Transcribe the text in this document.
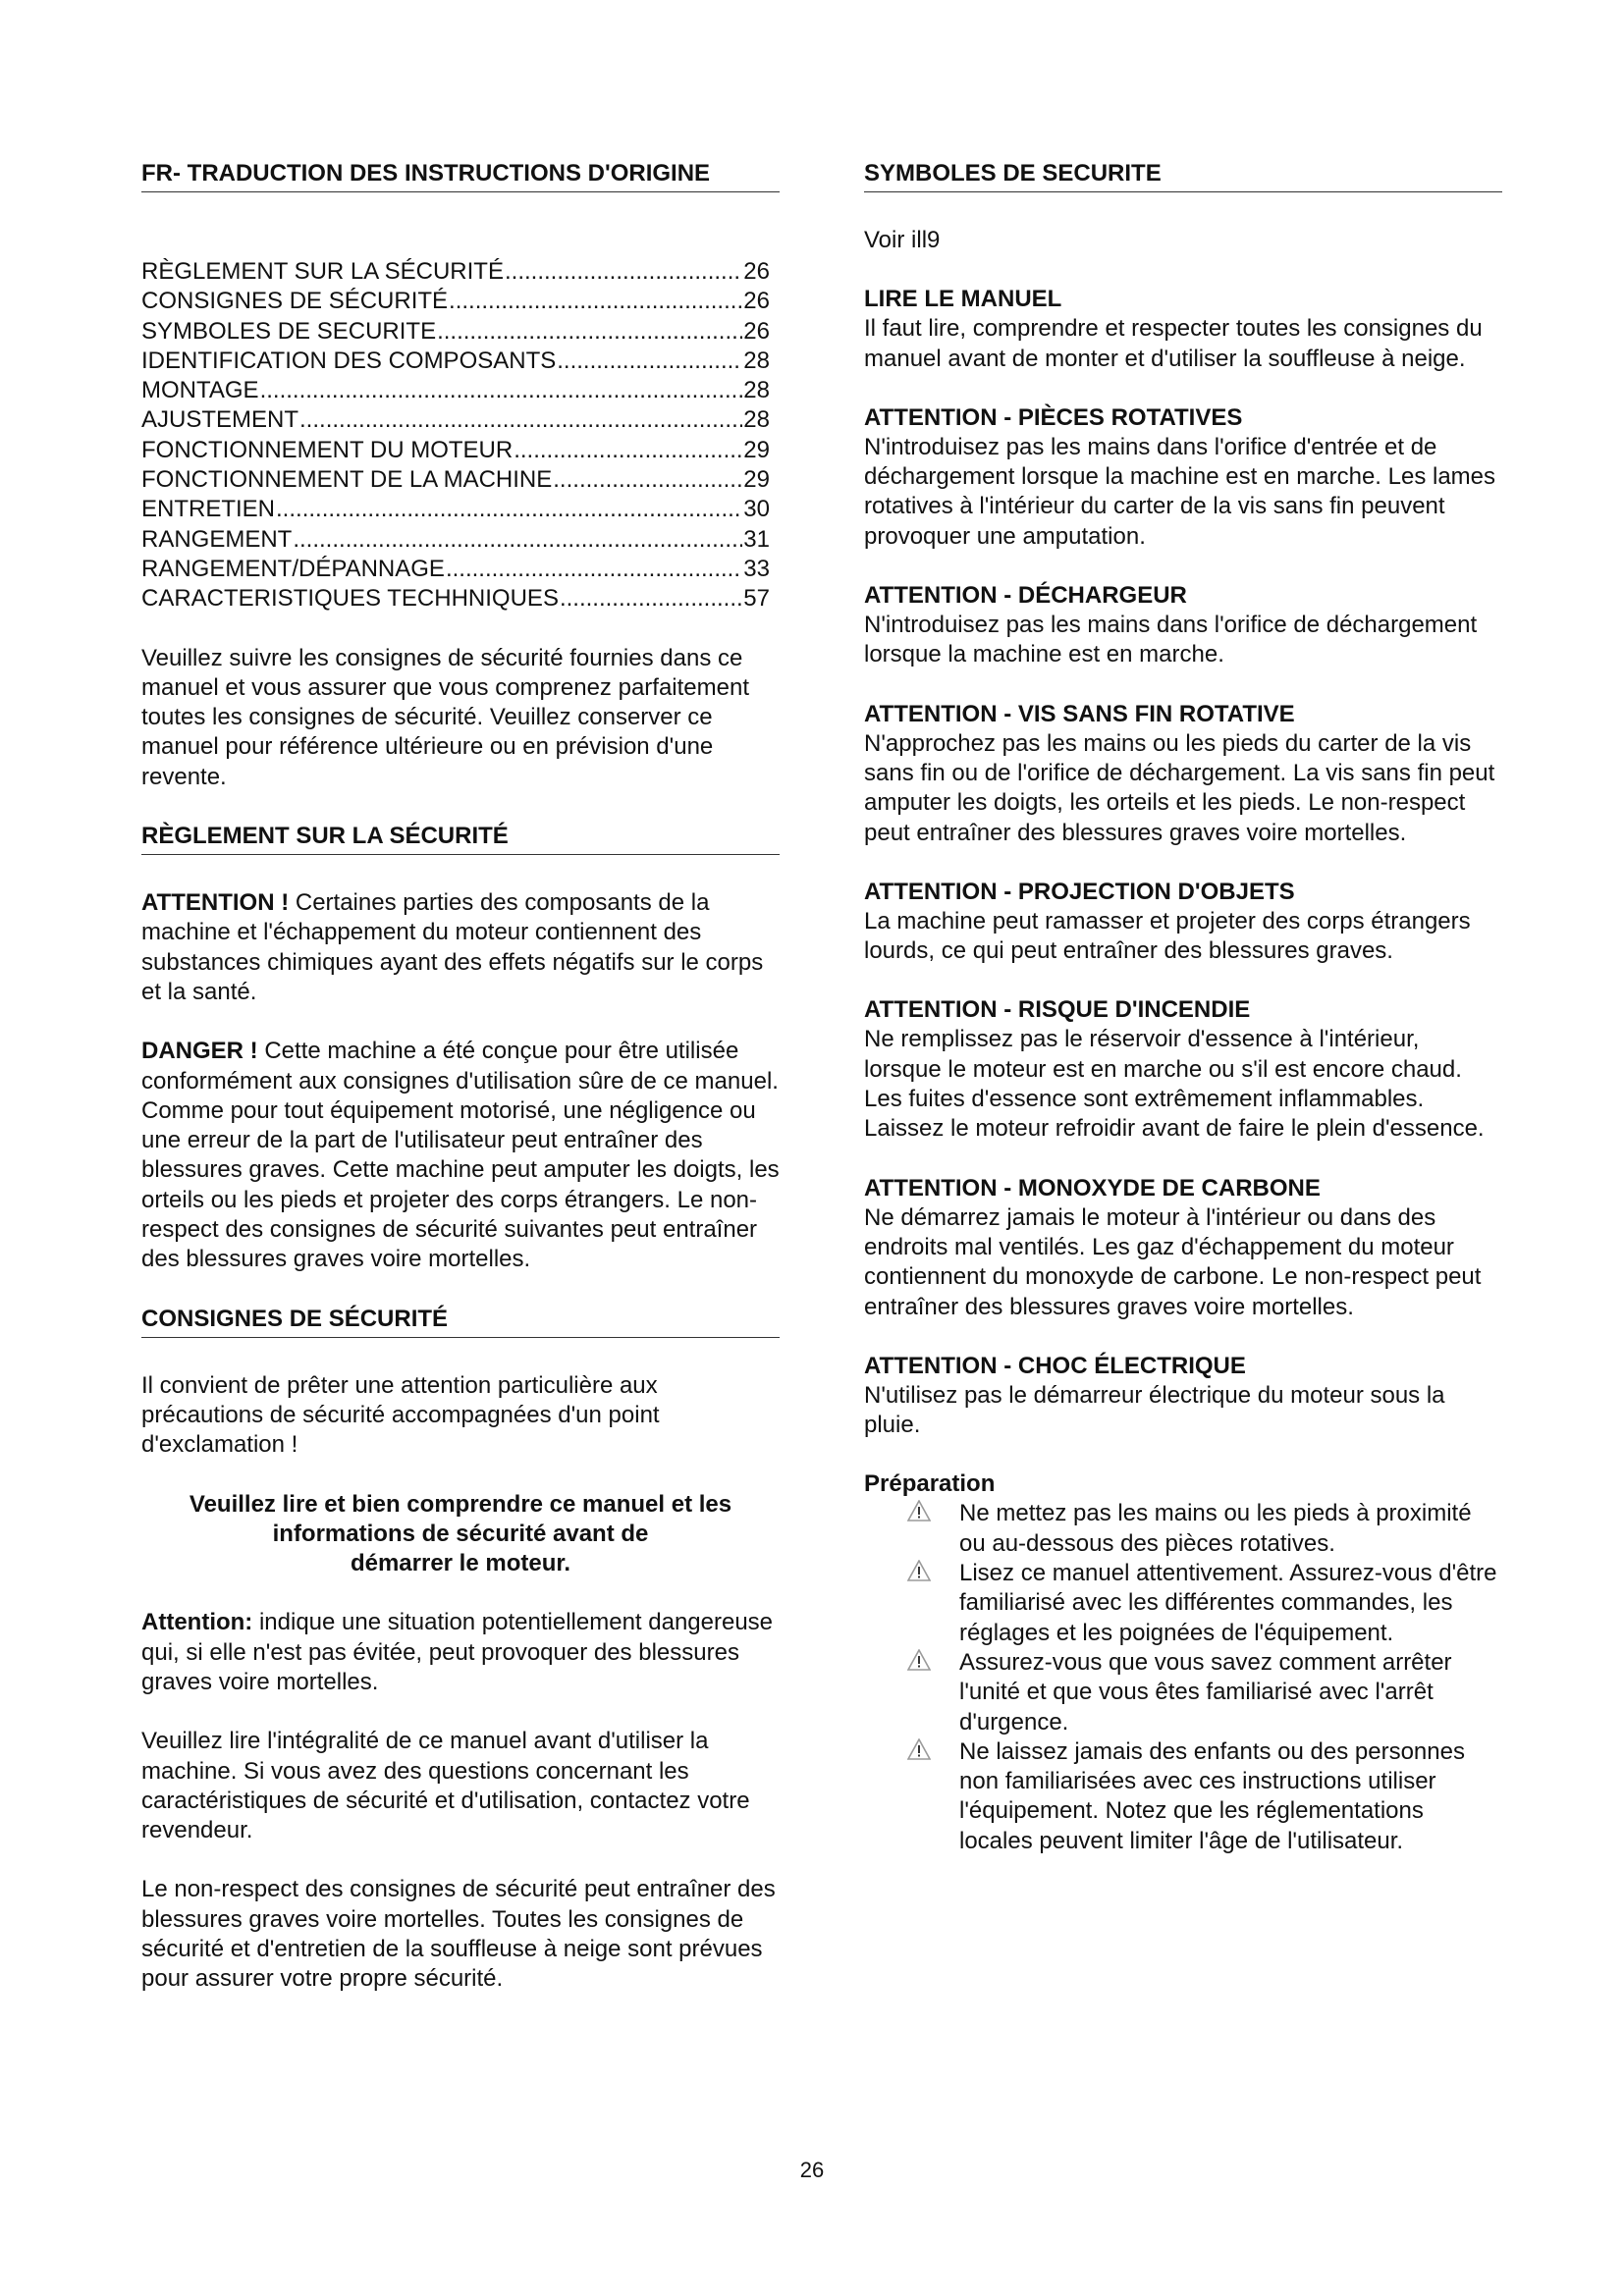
FR- TRADUCTION DES INSTRUCTIONS D'ORIGINE
RÈGLEMENT SUR LA SÉCURITÉ .....	26
CONSIGNES DE SÉCURITÉ .....	26
SYMBOLES DE SECURITE .....	26
IDENTIFICATION DES COMPOSANTS .....	28
MONTAGE .....	28
AJUSTEMENT .....	28
FONCTIONNEMENT DU MOTEUR .....	29
FONCTIONNEMENT DE LA MACHINE .....	29
ENTRETIEN .....	30
RANGEMENT .....	31
RANGEMENT/DÉPANNAGE .....	33
CARACTERISTIQUES TECHHNIQUES .....	57

Veuillez suivre les consignes de sécurité fournies dans ce manuel et vous assurer que vous comprenez parfaitement toutes les consignes de sécurité. Veuillez conserver ce manuel pour référence ultérieure ou en prévision d'une revente.

RÈGLEMENT SUR LA SÉCURITÉ

ATTENTION ! Certaines parties des composants de la machine et l'échappement du moteur contiennent des substances chimiques ayant des effets négatifs sur le corps et la santé.

DANGER ! Cette machine a été conçue pour être utilisée conformément aux consignes d'utilisation sûre de ce manuel. Comme pour tout équipement motorisé, une négligence ou une erreur de la part de l'utilisateur peut entraîner des blessures graves. Cette machine peut amputer les doigts, les orteils ou les pieds et projeter des corps étrangers. Le non-respect des consignes de sécurité suivantes peut entraîner des blessures graves voire mortelles.

CONSIGNES DE SÉCURITÉ

Il convient de prêter une attention particulière aux précautions de sécurité accompagnées d'un point d'exclamation !

Veuillez lire et bien comprendre ce manuel et les
informations de sécurité avant de
démarrer le moteur.

Attention: indique une situation potentiellement dangereuse qui, si elle n'est pas évitée, peut provoquer des blessures graves voire mortelles.

Veuillez lire l'intégralité de ce manuel avant d'utiliser la machine. Si vous avez des questions concernant les caractéristiques de sécurité et d'utilisation, contactez votre revendeur.

Le non-respect des consignes de sécurité peut entraîner des blessures graves voire mortelles. Toutes les consignes de sécurité et d'entretien de la souffleuse à neige sont prévues pour assurer votre propre sécurité.

SYMBOLES DE SECURITE

Voir ill9

LIRE LE MANUEL

Il faut lire, comprendre et respecter toutes les consignes du manuel avant de monter et d'utiliser la souffleuse à neige.

ATTENTION - PIÈCES ROTATIVES

N'introduisez pas les mains dans l'orifice d'entrée et de déchargement lorsque la machine est en marche. Les lames rotatives à l'intérieur du carter de la vis sans fin peuvent provoquer une amputation.

ATTENTION - DÉCHARGEUR

N'introduisez pas les mains dans l'orifice de déchargement lorsque la machine est en marche.

ATTENTION - VIS SANS FIN ROTATIVE

N'approchez pas les mains ou les pieds du carter de la vis sans fin ou de l'orifice de déchargement. La vis sans fin peut amputer les doigts, les orteils et les pieds. Le non-respect peut entraîner des blessures graves voire mortelles.

ATTENTION - PROJECTION D'OBJETS

La machine peut ramasser et projeter des corps étrangers lourds, ce qui peut entraîner des blessures graves.

ATTENTION - RISQUE D'INCENDIE

Ne remplissez pas le réservoir d'essence à l'intérieur, lorsque le moteur est en marche ou s'il est encore chaud. Les fuites d'essence sont extrêmement inflammables. Laissez le moteur refroidir avant de faire le plein d'essence.

ATTENTION - MONOXYDE DE CARBONE

Ne démarrez jamais le moteur à l'intérieur ou dans des endroits mal ventilés. Les gaz d'échappement du moteur contiennent du monoxyde de carbone. Le non-respect peut entraîner des blessures graves voire mortelles.

ATTENTION - CHOC ÉLECTRIQUE

N'utilisez pas le démarreur électrique du moteur sous la pluie.

Préparation
Ne mettez pas les mains ou les pieds à proximité ou au-dessous des pièces rotatives.
Lisez ce manuel attentivement. Assurez-vous d'être familiarisé avec les différentes commandes, les réglages et les poignées de l'équipement.
Assurez-vous que vous savez comment arrêter l'unité et que vous êtes familiarisé avec l'arrêt d'urgence.
Ne laissez jamais des enfants ou des personnes non familiarisées avec ces instructions utiliser l'équipement. Notez que les réglementations locales peuvent limiter l'âge de l'utilisateur.
26
